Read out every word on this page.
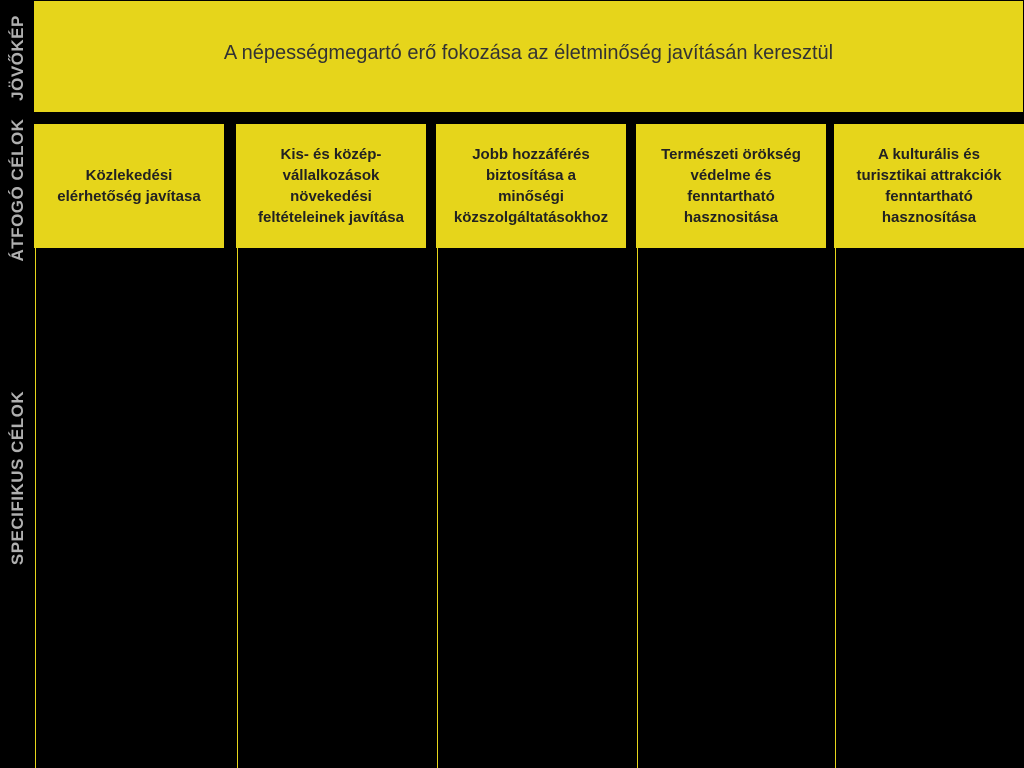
JÖVŐKÉP
ÁTFOGÓ CÉLOK
SPECIFIKUS CÉLOK
A népességmegartó erő fokozása az életminőség javításán keresztül
Közlekedési
elérhetőség javítasa
Kis- és közép-
vállalkozások
növekedési
feltételeinek javítása
Jobb hozzáférés
biztosítása a
minőségi
közszolgáltatásokhoz
Természeti örökség
védelme és
fenntartható
hasznositása
A kulturális és
turisztikai attrakciók
fenntartható
hasznosítása
